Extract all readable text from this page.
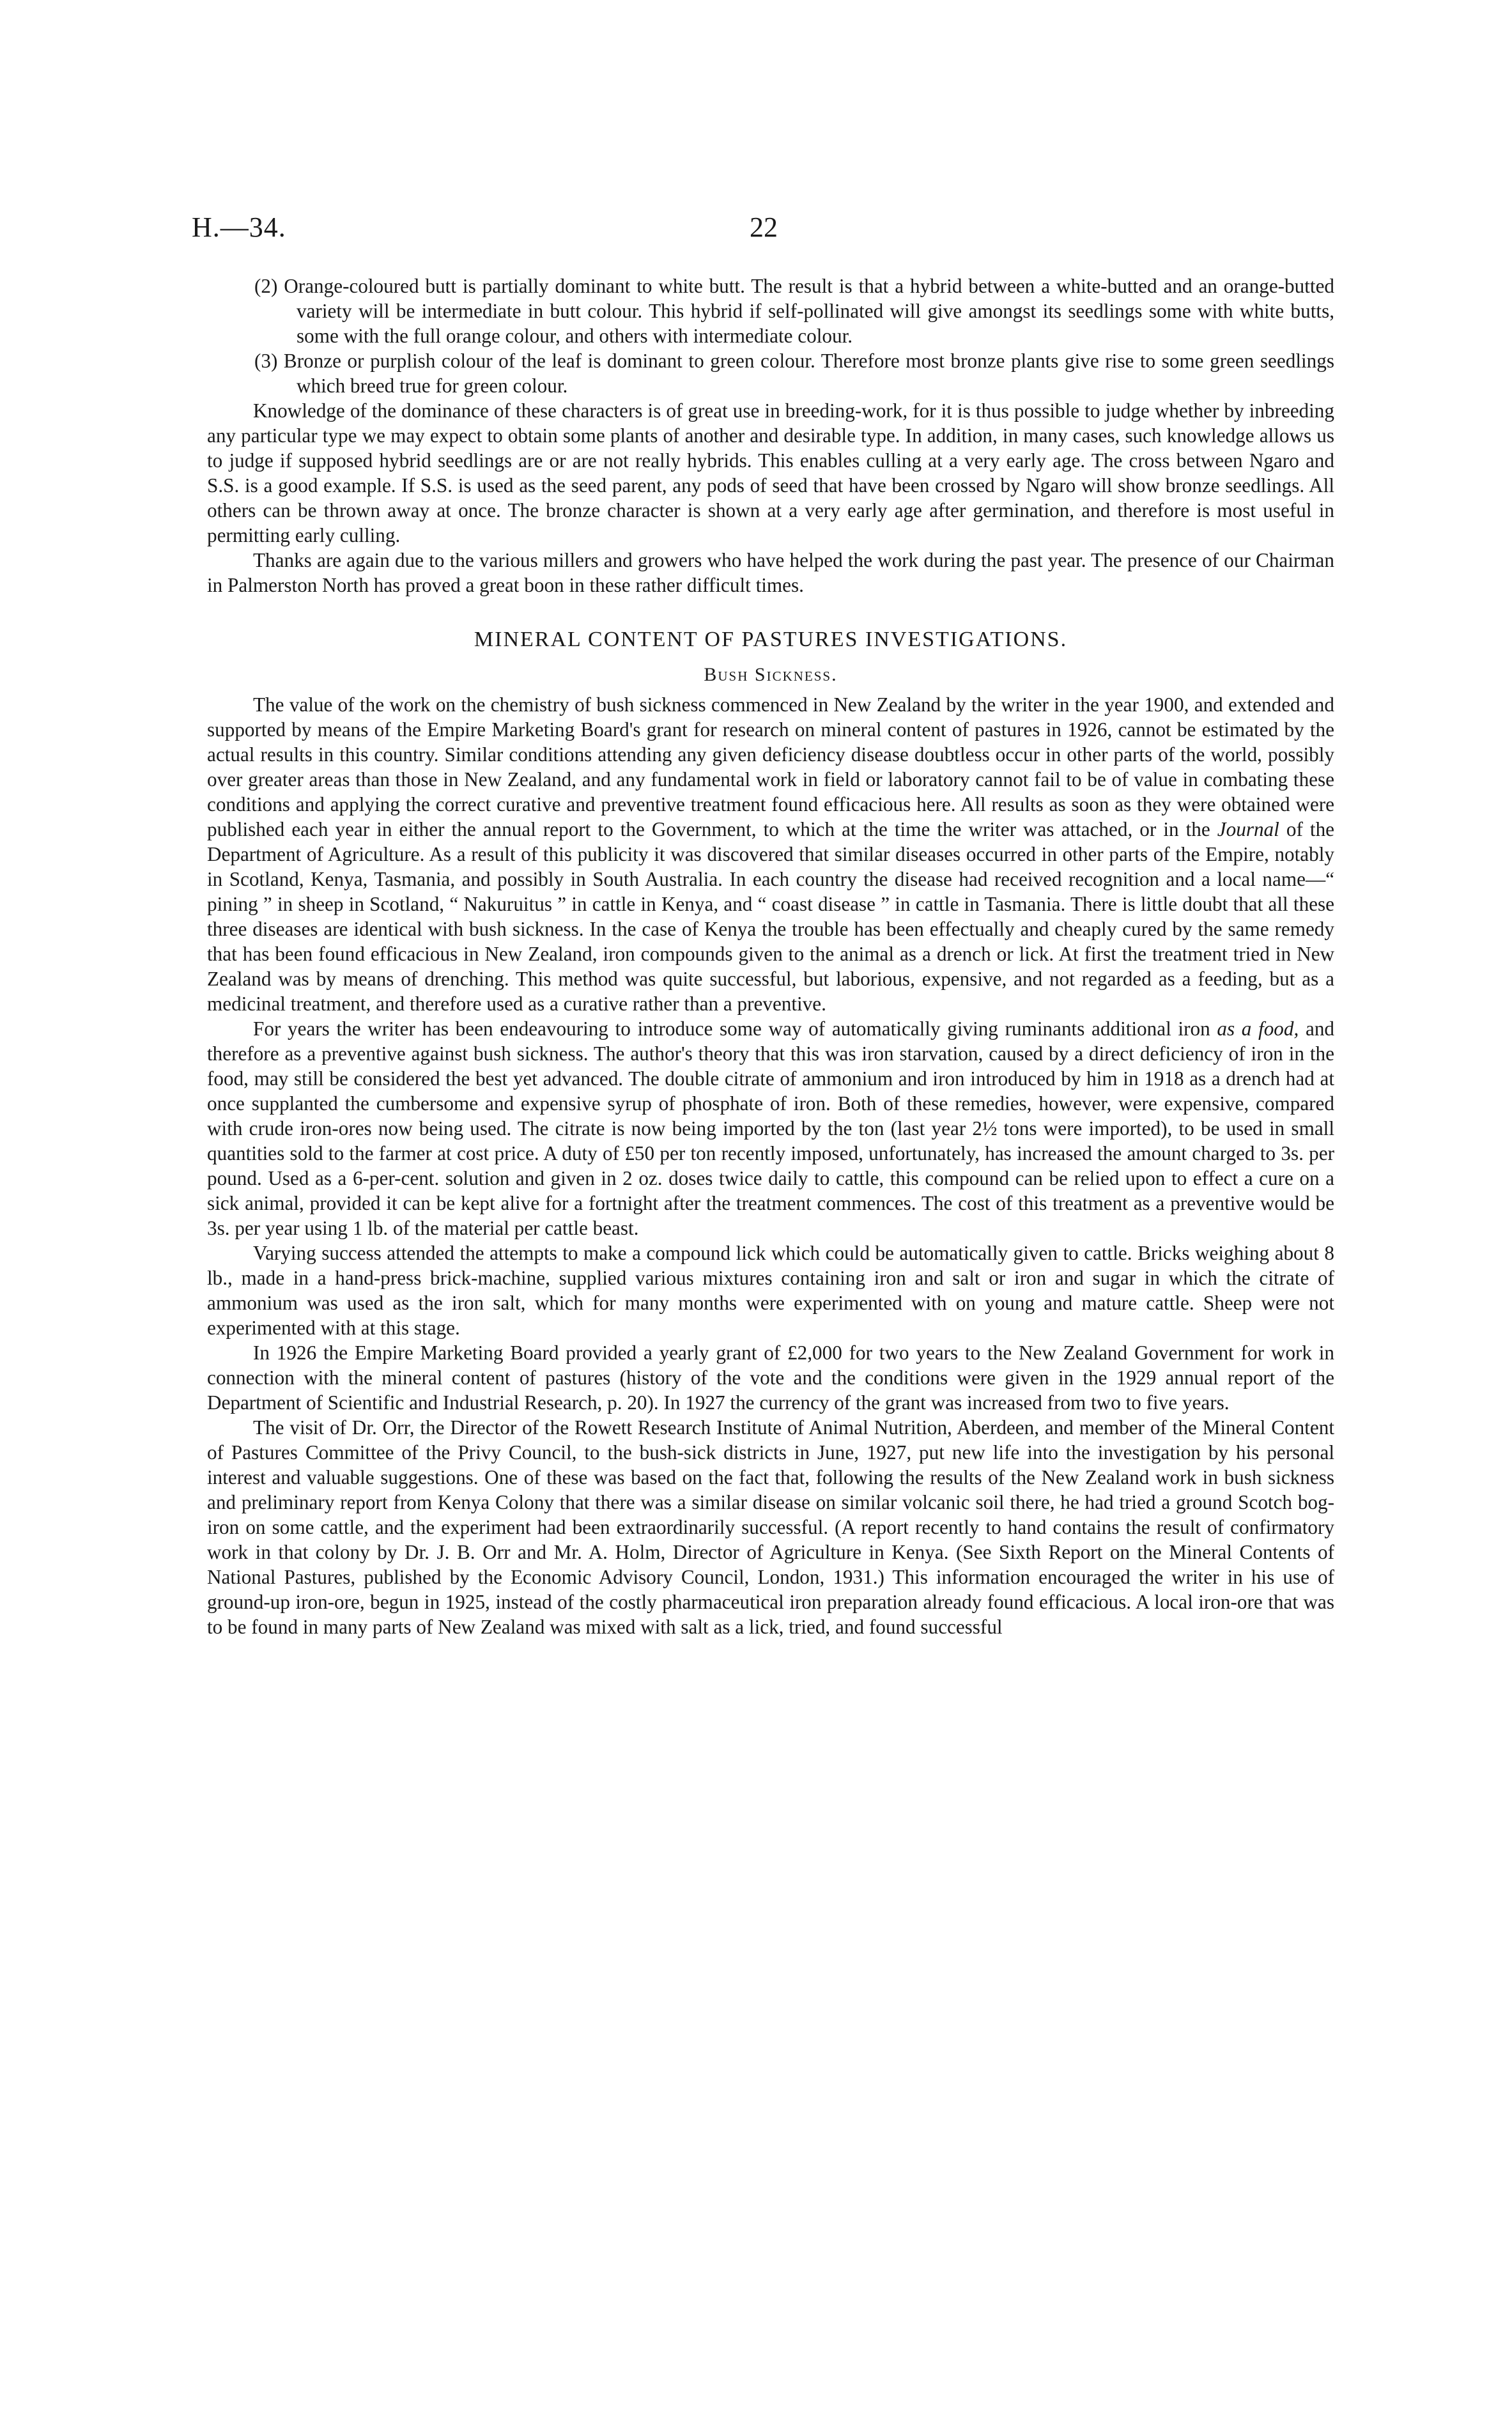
H.—34.	22

(2) Orange-coloured butt is partially dominant to white butt. The result is that a hybrid between a white-butted and an orange-butted variety will be intermediate in butt colour. This hybrid if self-pollinated will give amongst its seedlings some with white butts, some with the full orange colour, and others with intermediate colour.

(3) Bronze or purplish colour of the leaf is dominant to green colour. Therefore most bronze plants give rise to some green seedlings which breed true for green colour.

Knowledge of the dominance of these characters is of great use in breeding-work, for it is thus possible to judge whether by inbreeding any particular type we may expect to obtain some plants of another and desirable type. In addition, in many cases, such knowledge allows us to judge if supposed hybrid seedlings are or are not really hybrids. This enables culling at a very early age. The cross between Ngaro and S.S. is a good example. If S.S. is used as the seed parent, any pods of seed that have been crossed by Ngaro will show bronze seedlings. All others can be thrown away at once. The bronze character is shown at a very early age after germination, and therefore is most useful in permitting early culling.

Thanks are again due to the various millers and growers who have helped the work during the past year. The presence of our Chairman in Palmerston North has proved a great boon in these rather difficult times.

MINERAL CONTENT OF PASTURES INVESTIGATIONS.
Bush Sickness.

The value of the work on the chemistry of bush sickness commenced in New Zealand by the writer in the year 1900, and extended and supported by means of the Empire Marketing Board's grant for research on mineral content of pastures in 1926, cannot be estimated by the actual results in this country. Similar conditions attending any given deficiency disease doubtless occur in other parts of the world, possibly over greater areas than those in New Zealand, and any fundamental work in field or laboratory cannot fail to be of value in combating these conditions and applying the correct curative and preventive treatment found efficacious here. All results as soon as they were obtained were published each year in either the annual report to the Government, to which at the time the writer was attached, or in the Journal of the Department of Agriculture. As a result of this publicity it was discovered that similar diseases occurred in other parts of the Empire, notably in Scotland, Kenya, Tasmania, and possibly in South Australia. In each country the disease had received recognition and a local name—“ pining ” in sheep in Scotland, “ Nakuruitus ” in cattle in Kenya, and “ coast disease ” in cattle in Tasmania. There is little doubt that all these three diseases are identical with bush sickness. In the case of Kenya the trouble has been effectually and cheaply cured by the same remedy that has been found efficacious in New Zealand, iron compounds given to the animal as a drench or lick. At first the treatment tried in New Zealand was by means of drenching. This method was quite successful, but laborious, expensive, and not regarded as a feeding, but as a medicinal treatment, and therefore used as a curative rather than a preventive.

For years the writer has been endeavouring to introduce some way of automatically giving ruminants additional iron as a food, and therefore as a preventive against bush sickness. The author's theory that this was iron starvation, caused by a direct deficiency of iron in the food, may still be considered the best yet advanced. The double citrate of ammonium and iron introduced by him in 1918 as a drench had at once supplanted the cumbersome and expensive syrup of phosphate of iron. Both of these remedies, however, were expensive, compared with crude iron-ores now being used. The citrate is now being imported by the ton (last year 2½ tons were imported), to be used in small quantities sold to the farmer at cost price. A duty of £50 per ton recently imposed, unfortunately, has increased the amount charged to 3s. per pound. Used as a 6-per-cent. solution and given in 2 oz. doses twice daily to cattle, this compound can be relied upon to effect a cure on a sick animal, provided it can be kept alive for a fortnight after the treatment commences. The cost of this treatment as a preventive would be 3s. per year using 1 lb. of the material per cattle beast.

Varying success attended the attempts to make a compound lick which could be automatically given to cattle. Bricks weighing about 8 lb., made in a hand-press brick-machine, supplied various mixtures containing iron and salt or iron and sugar in which the citrate of ammonium was used as the iron salt, which for many months were experimented with on young and mature cattle. Sheep were not experimented with at this stage.

In 1926 the Empire Marketing Board provided a yearly grant of £2,000 for two years to the New Zealand Government for work in connection with the mineral content of pastures (history of the vote and the conditions were given in the 1929 annual report of the Department of Scientific and Industrial Research, p. 20). In 1927 the currency of the grant was increased from two to five years.

The visit of Dr. Orr, the Director of the Rowett Research Institute of Animal Nutrition, Aberdeen, and member of the Mineral Content of Pastures Committee of the Privy Council, to the bush-sick districts in June, 1927, put new life into the investigation by his personal interest and valuable suggestions. One of these was based on the fact that, following the results of the New Zealand work in bush sickness and preliminary report from Kenya Colony that there was a similar disease on similar volcanic soil there, he had tried a ground Scotch bog-iron on some cattle, and the experiment had been extraordinarily successful. (A report recently to hand contains the result of confirmatory work in that colony by Dr. J. B. Orr and Mr. A. Holm, Director of Agriculture in Kenya. (See Sixth Report on the Mineral Contents of National Pastures, published by the Economic Advisory Council, London, 1931.) This information encouraged the writer in his use of ground-up iron-ore, begun in 1925, instead of the costly pharmaceutical iron preparation already found efficacious. A local iron-ore that was to be found in many parts of New Zealand was mixed with salt as a lick, tried, and found successful
